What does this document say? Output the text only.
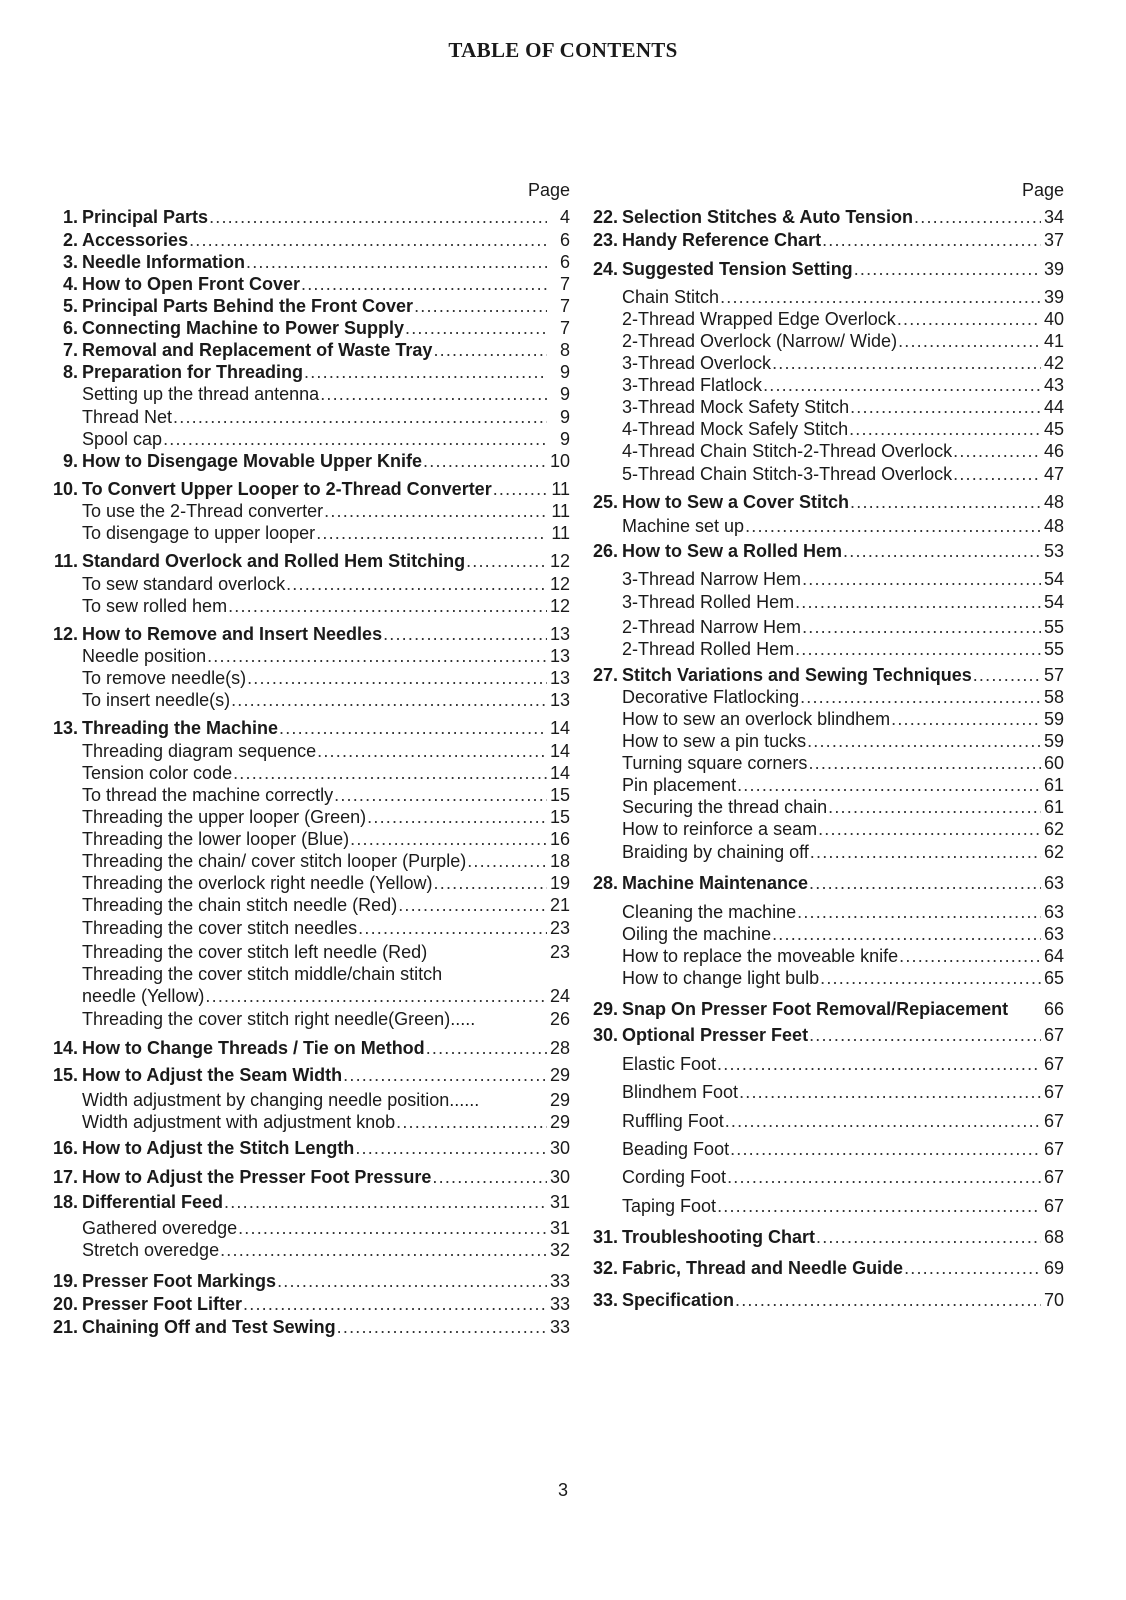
TABLE OF CONTENTS
Page
1. Principal Parts .....	4
2. Accessories .....	6
3. Needle Information .....	6
4. How to Open Front Cover .....	7
5. Principal Parts Behind the Front Cover .....	7
6. Connecting Machine to Power Supply .....	7
7. Removal and Replacement of Waste Tray .....	8
8. Preparation for Threading .....	9
Setting up the thread antenna .....	9
Thread Net .....	9
Spool cap .....	9
9. How to Disengage Movable Upper Knife .....	10
10. To Convert Upper Looper to 2-Thread Converter .....	11
To use the 2-Thread converter .....	11
To disengage to upper looper .....	11
11. Standard Overlock and Rolled Hem Stitching .....	12
To sew standard overlock .....	12
To sew rolled hem .....	12
12. How to Remove and Insert Needles .....	13
Needle position .....	13
To remove needle(s) .....	13
To insert needle(s) .....	13
13. Threading the Machine .....	14
Threading diagram sequence .....	14
Tension color code .....	14
To thread the machine correctly .....	15
Threading the upper looper (Green) .....	15
Threading the lower looper (Blue) .....	16
Threading the chain/ cover stitch looper (Purple) .....	18
Threading the overlock right needle (Yellow) .....	19
Threading the chain stitch needle (Red) .....	21
Threading the cover stitch needles .....	23
Threading the cover stitch left needle (Red)	23
Threading the cover stitch middle/chain stitch
needle (Yellow) .....	24
Threading the cover stitch right needle(Green).....	26
14. How to Change Threads / Tie on Method .....	28
15. How to Adjust the Seam Width .....	29
Width adjustment by changing needle position......	29
Width adjustment with adjustment knob .....	29
16. How to Adjust the Stitch Length .....	30
17. How to Adjust the Presser Foot Pressure .....	30
18. Differential Feed .....	31
Gathered overedge .....	31
Stretch overedge .....	32
19. Presser Foot Markings .....	33
20. Presser Foot Lifter .....	33
21. Chaining Off and Test Sewing .....	33
Page
22. Selection Stitches & Auto Tension .....	34
23. Handy Reference Chart .....	37
24. Suggested Tension Setting .....	39
Chain Stitch .....	39
2-Thread Wrapped Edge Overlock .....	40
2-Thread Overlock (Narrow/ Wide) .....	41
3-Thread Overlock .....	42
3-Thread Flatlock .....	43
3-Thread Mock Safety Stitch .....	44
4-Thread Mock Safely Stitch .....	45
4-Thread Chain Stitch-2-Thread Overlock .....	46
5-Thread Chain Stitch-3-Thread Overlock .....	47
25. How to Sew a Cover Stitch .....	48
Machine set up .....	48
26. How to Sew a Rolled Hem .....	53
3-Thread Narrow Hem .....	54
3-Thread Rolled Hem .....	54
2-Thread Narrow Hem .....	55
2-Thread Rolled Hem .....	55
27. Stitch Variations and Sewing Techniques .....	57
Decorative Flatlocking .....	58
How to sew an overlock blindhem .....	59
How to sew a pin tucks .....	59
Turning square corners .....	60
Pin placement .....	61
Securing the thread chain .....	61
How to reinforce a seam .....	62
Braiding by chaining off .....	62
28. Machine Maintenance .....	63
Cleaning the machine .....	63
Oiling the machine .....	63
How to replace the moveable knife .....	64
How to change light bulb .....	65
29. Snap On Presser Foot Removal/Repiacement 66
30. Optional Presser Feet .....	67
Elastic Foot .....	67
Blindhem Foot .....	67
Ruffling Foot .....	67
Beading Foot .....	67
Cording Foot .....	67
Taping Foot .....	67
31. Troubleshooting Chart .....	68
32. Fabric, Thread and Needle Guide .....	69
33. Specification .....	70
3
